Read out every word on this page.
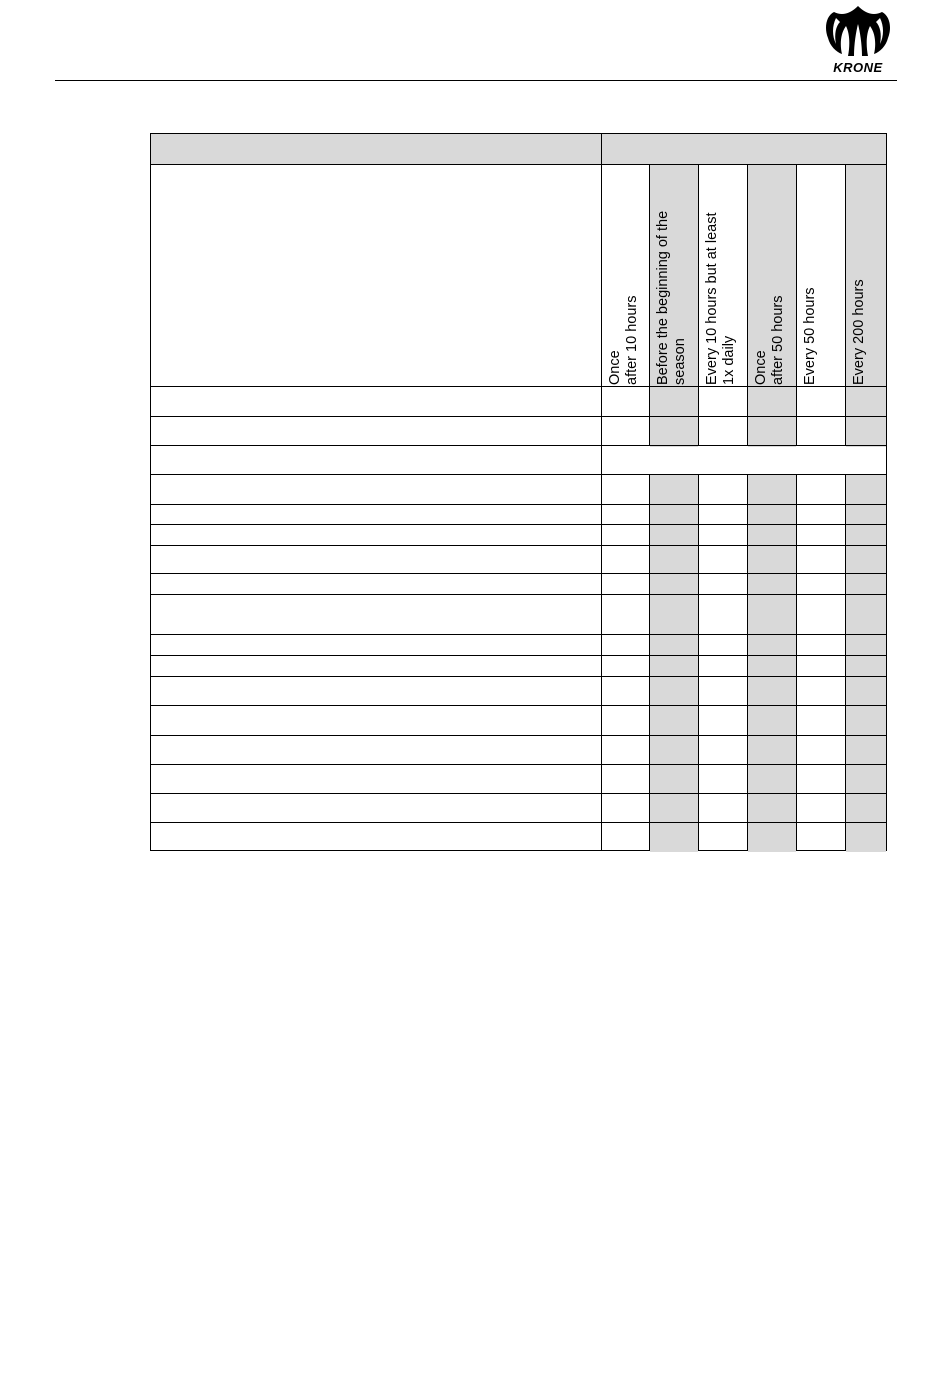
KRONE
Once
after 10 hours
Before the beginning of the
season Every 10 hours but at least
1x daily Once
after 50 hours Every 50 hours Every 200 hours
